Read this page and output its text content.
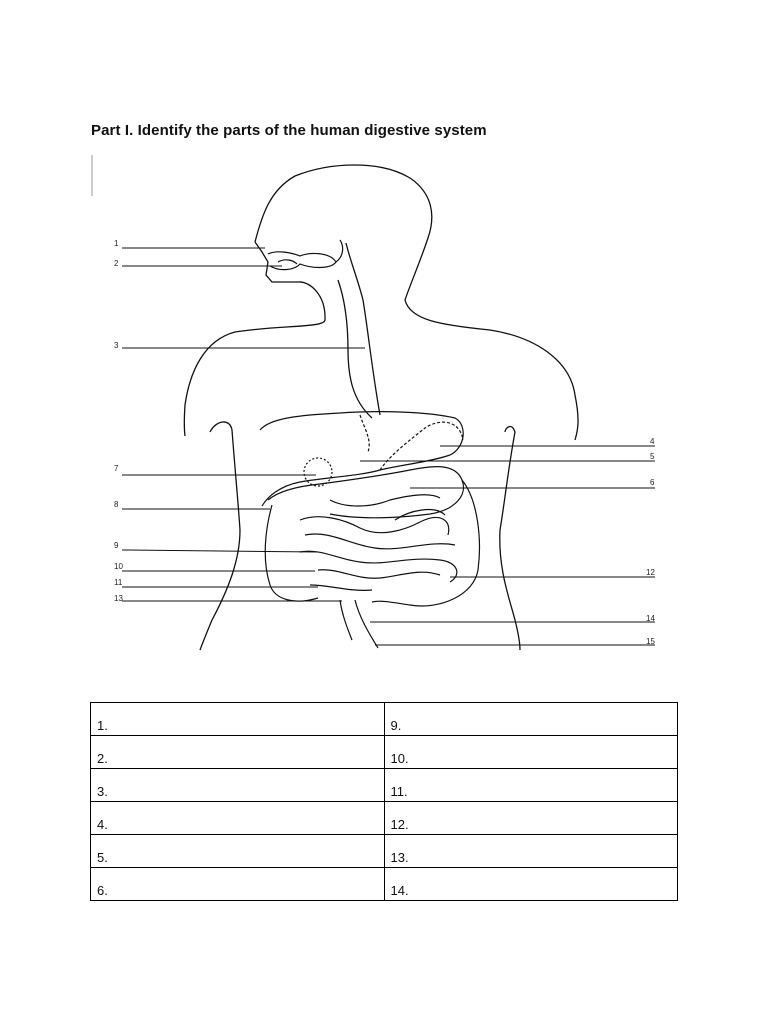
Part I. Identify the parts of the human digestive system
1
2
3
4
5
6
7
8
9
10
11
13
12
14
15
1.	9.
2.	10.
3.	11.
4.	12.
5.	13.
6.	14.
